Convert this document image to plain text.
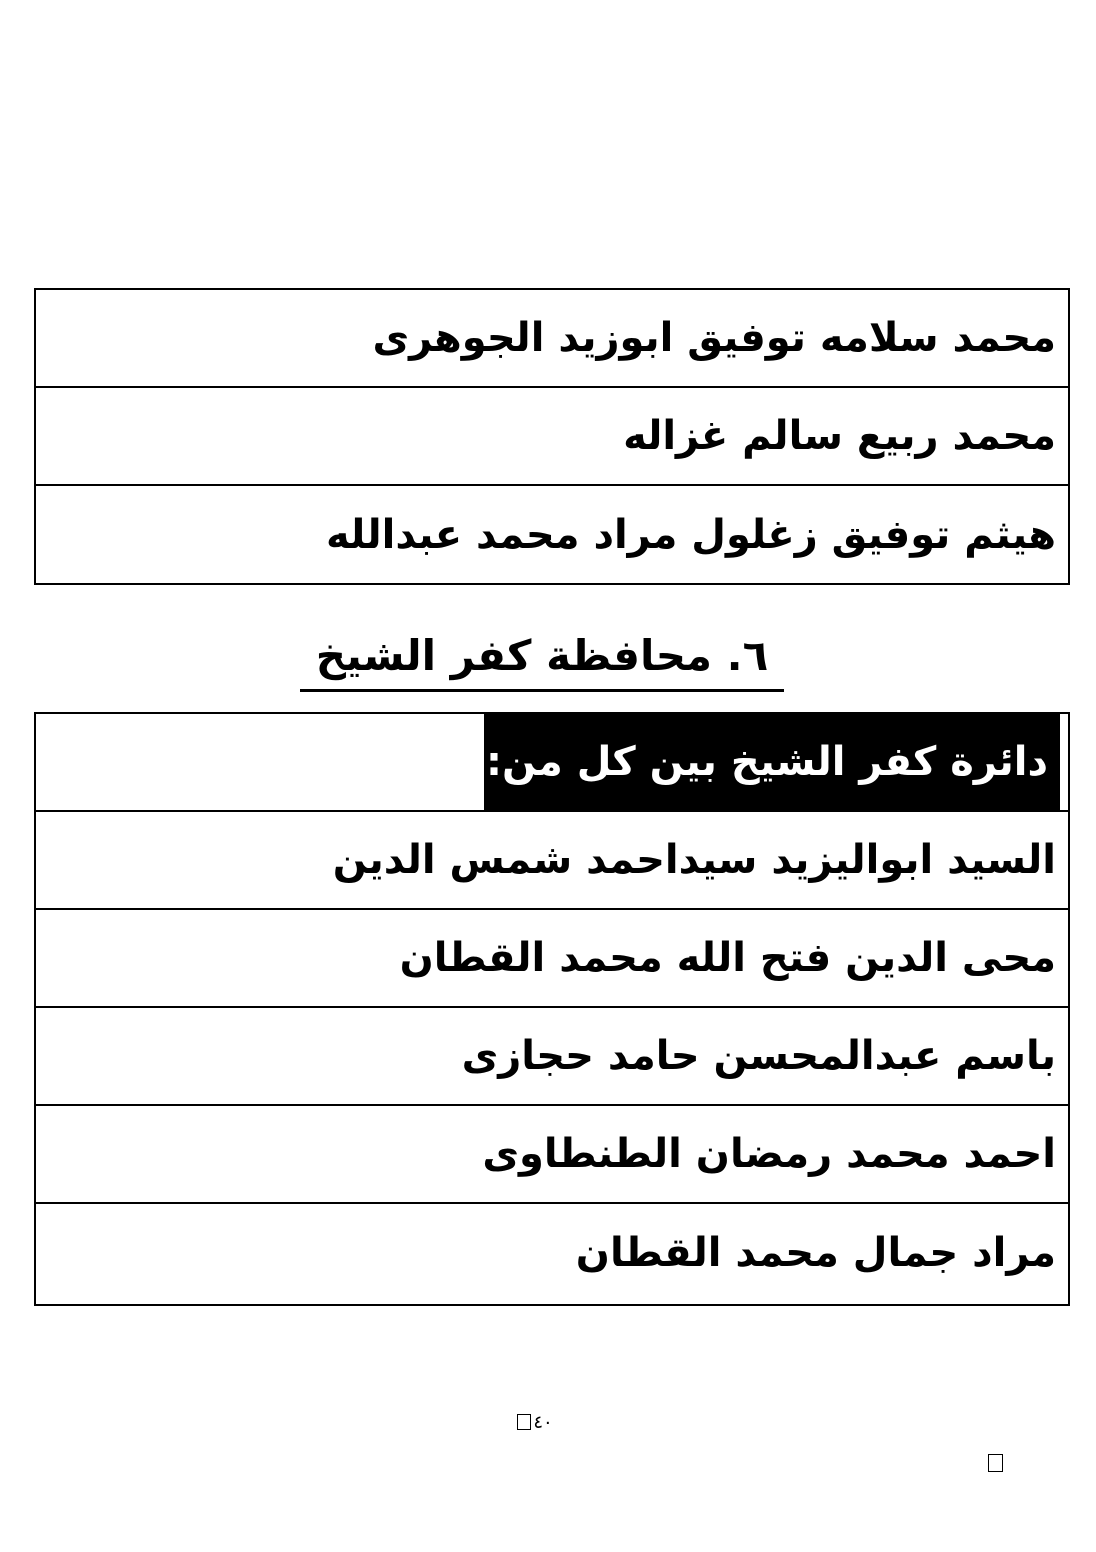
محمد سلامه توفيق ابوزيد الجوهرى
محمد ربيع سالم غزاله
هيثم توفيق زغلول مراد محمد عبدالله
٦. محافظة كفر الشيخ
دائرة كفر الشيخ بين كل من:
السيد ابواليزيد سيداحمد شمس الدين
محى الدين فتح الله محمد القطان
باسم عبدالمحسن حامد حجازى
احمد محمد رمضان الطنطاوى
مراد جمال محمد القطان
٤٠
